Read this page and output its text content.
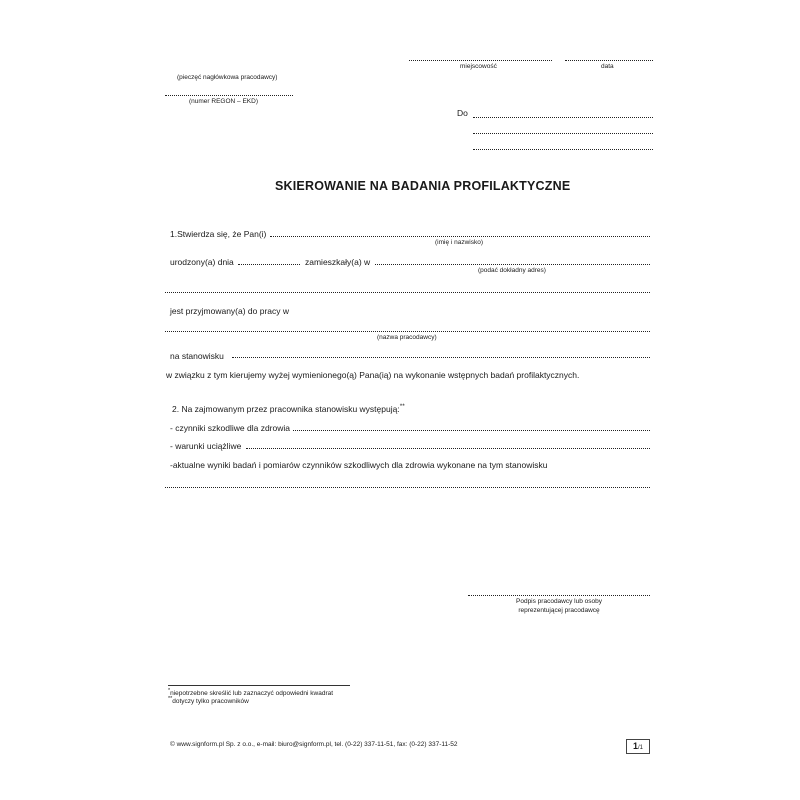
miejscowość	data
(pieczęć nagłówkowa pracodawcy)
(numer REGON – EKD)
Do
SKIEROWANIE NA BADANIA PROFILAKTYCZNE
1.Stwierdza się, że Pan(i)
(imię i nazwisko)
urodzony(a) dnia	zamieszkały(a) w
(podać dokładny adres)
jest przyjmowany(a) do pracy w
(nazwa pracodawcy)
na stanowisku
w związku z tym kierujemy wyżej wymienionego(ą) Pana(ią) na wykonanie wstępnych badań profilaktycznych.
2. Na zajmowanym przez pracownika stanowisku występują:**
- czynniki szkodliwe dla zdrowia
- warunki uciążliwe
-aktualne wyniki badań i pomiarów czynników szkodliwych dla zdrowia wykonane na tym stanowisku
Podpis pracodawcy lub osoby
reprezentującej pracodawcę
*niepotrzebne skreślić lub zaznaczyć odpowiedni kwadrat
**dotyczy tylko pracowników
© www.signform.pl Sp. z o.o., e-mail: biuro@signform.pl, tel. (0-22) 337-11-51, fax: (0-22) 337-11-52	1/1
